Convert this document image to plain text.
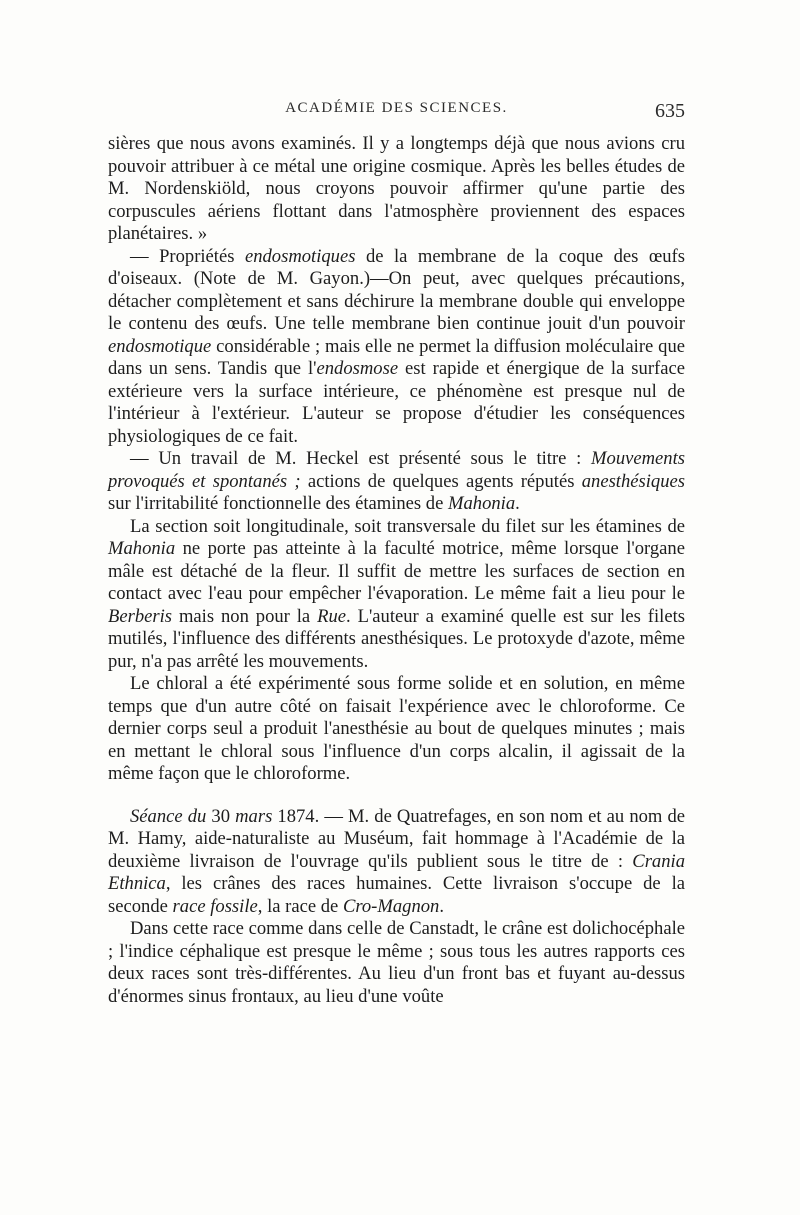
ACADÉMIE DES SCIENCES.	635

sières que nous avons examinés. Il y a longtemps déjà que nous avions cru pouvoir attribuer à ce métal une origine cosmique. Après les belles études de M. Nordenskiöld, nous croyons pouvoir affirmer qu'une partie des corpuscules aériens flottant dans l'atmosphère proviennent des espaces planétaires. »

— Propriétés endosmotiques de la membrane de la coque des œufs d'oiseaux. (Note de M. Gayon.)—On peut, avec quelques précautions, détacher complètement et sans déchirure la membrane double qui enveloppe le contenu des œufs. Une telle membrane bien continue jouit d'un pouvoir endosmotique considérable ; mais elle ne permet la diffusion moléculaire que dans un sens. Tandis que l'endosmose est rapide et énergique de la surface extérieure vers la surface intérieure, ce phénomène est presque nul de l'intérieur à l'extérieur. L'auteur se propose d'étudier les conséquences physiologiques de ce fait.

— Un travail de M. Heckel est présenté sous le titre : Mouvements provoqués et spontanés ; actions de quelques agents réputés anesthésiques sur l'irritabilité fonctionnelle des étamines de Mahonia.

La section soit longitudinale, soit transversale du filet sur les étamines de Mahonia ne porte pas atteinte à la faculté motrice, même lorsque l'organe mâle est détaché de la fleur. Il suffit de mettre les surfaces de section en contact avec l'eau pour empêcher l'évaporation. Le même fait a lieu pour le Berberis mais non pour la Rue. L'auteur a examiné quelle est sur les filets mutilés, l'influence des différents anesthésiques. Le protoxyde d'azote, même pur, n'a pas arrêté les mouvements.

Le chloral a été expérimenté sous forme solide et en solution, en même temps que d'un autre côté on faisait l'expérience avec le chloroforme. Ce dernier corps seul a produit l'anesthésie au bout de quelques minutes ; mais en mettant le chloral sous l'influence d'un corps alcalin, il agissait de la même façon que le chloroforme.

Séance du 30 mars 1874. — M. de Quatrefages, en son nom et au nom de M. Hamy, aide-naturaliste au Muséum, fait hommage à l'Académie de la deuxième livraison de l'ouvrage qu'ils publient sous le titre de : Crania Ethnica, les crânes des races humaines. Cette livraison s'occupe de la seconde race fossile, la race de Cro-Magnon.

Dans cette race comme dans celle de Canstadt, le crâne est dolichocéphale ; l'indice céphalique est presque le même ; sous tous les autres rapports ces deux races sont très-différentes. Au lieu d'un front bas et fuyant au-dessus d'énormes sinus frontaux, au lieu d'une voûte
